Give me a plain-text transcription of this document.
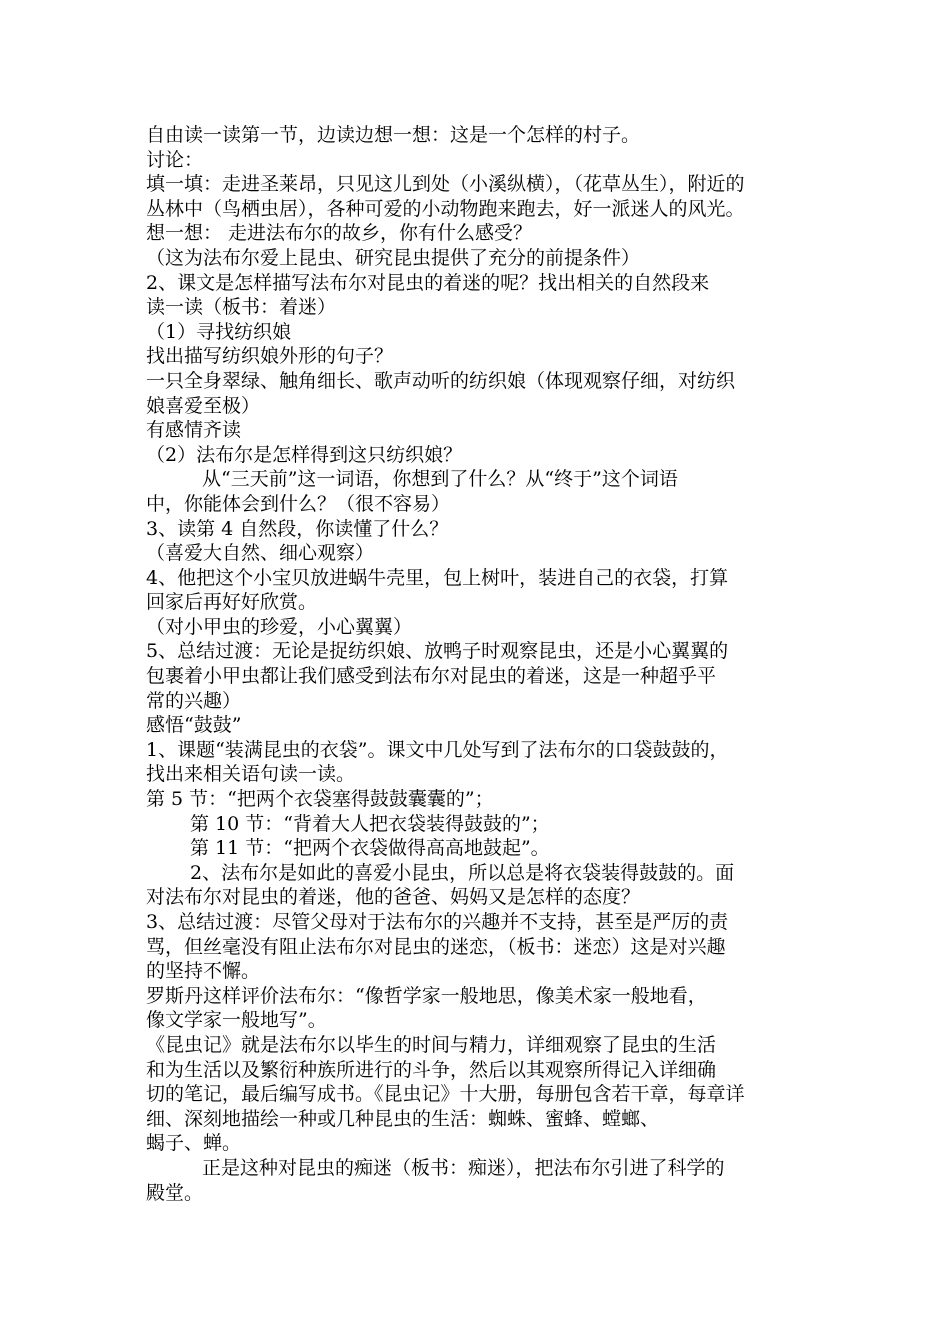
自由读一读第一节，边读边想一想：这是一个怎样的村子。

讨论：

填一填：走进圣莱昂，只见这儿到处（小溪纵横），（花草丛生），附近的

丛林中（鸟栖虫居），各种可爱的小动物跑来跑去，好一派迷人的风光。

想一想： 走进法布尔的故乡，你有什么感受？

（这为法布尔爱上昆虫、研究昆虫提供了充分的前提条件）

2、课文是怎样描写法布尔对昆虫的着迷的呢？找出相关的自然段来

读一读（板书：着迷）

（1）寻找纺织娘

找出描写纺织娘外形的句子？

一只全身翠绿、触角细长、歌声动听的纺织娘（体现观察仔细，对纺织

娘喜爱至极）

有感情齐读

（2）法布尔是怎样得到这只纺织娘？

从“三天前”这一词语，你想到了什么？从“终于”这个词语

中，你能体会到什么？（很不容易）

3、读第 4 自然段，你读懂了什么？

（喜爱大自然、细心观察）

4、他把这个小宝贝放进蜗牛壳里，包上树叶，装进自己的衣袋，打算

回家后再好好欣赏。

（对小甲虫的珍爱，小心翼翼）

5、总结过渡：无论是捉纺织娘、放鸭子时观察昆虫，还是小心翼翼的

包裹着小甲虫都让我们感受到法布尔对昆虫的着迷，这是一种超乎平

常的兴趣）

感悟“鼓鼓”

1、课题“装满昆虫的衣袋”。课文中几处写到了法布尔的口袋鼓鼓的，

找出来相关语句读一读。

第 5 节：“把两个衣袋塞得鼓鼓囊囊的”；

第 10 节：“背着大人把衣袋装得鼓鼓的”；

第 11 节：“把两个衣袋做得高高地鼓起”。

2、法布尔是如此的喜爱小昆虫，所以总是将衣袋装得鼓鼓的。面

对法布尔对昆虫的着迷，他的爸爸、妈妈又是怎样的态度？

3、总结过渡：尽管父母对于法布尔的兴趣并不支持，甚至是严厉的责

骂，但丝毫没有阻止法布尔对昆虫的迷恋，（板书：迷恋）这是对兴趣

的坚持不懈。

罗斯丹这样评价法布尔：“像哲学家一般地思，像美术家一般地看，

像文学家一般地写”。

《昆虫记》就是法布尔以毕生的时间与精力，详细观察了昆虫的生活

和为生活以及繁衍种族所进行的斗争，然后以其观察所得记入详细确

切的笔记，最后编写成书。《昆虫记》十大册，每册包含若干章，每章详

细、深刻地描绘一种或几种昆虫的生活：蜘蛛、蜜蜂、螳螂、

蝎子、蝉。

正是这种对昆虫的痴迷（板书：痴迷），把法布尔引进了科学的

殿堂。
